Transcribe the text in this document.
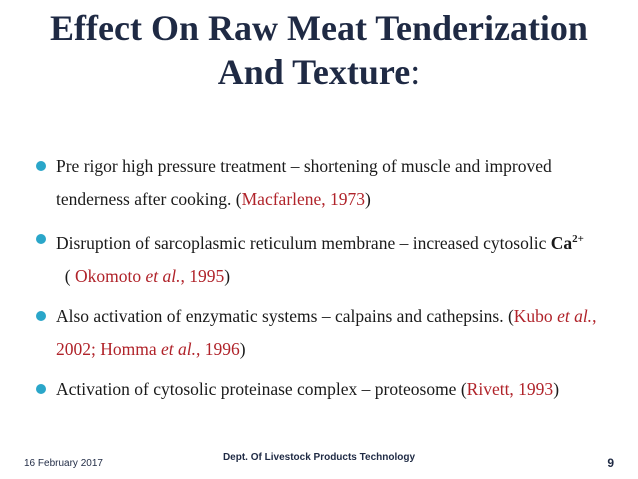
Effect On Raw Meat Tenderization
And Texture:
Pre rigor high pressure treatment – shortening of muscle and improved tenderness after cooking. (Macfarlene, 1973)
Disruption of sarcoplasmic reticulum membrane – increased cytosolic $Ca^{2+}$  ( Okomoto et al., 1995)
Also activation of enzymatic systems – calpains and cathepsins. (Kubo et al., 2002; Homma et al., 1996)
Activation of cytosolic proteinase complex – proteosome (Rivett, 1993)
16 February 2017
Dept. Of Livestock Products Technology	9
